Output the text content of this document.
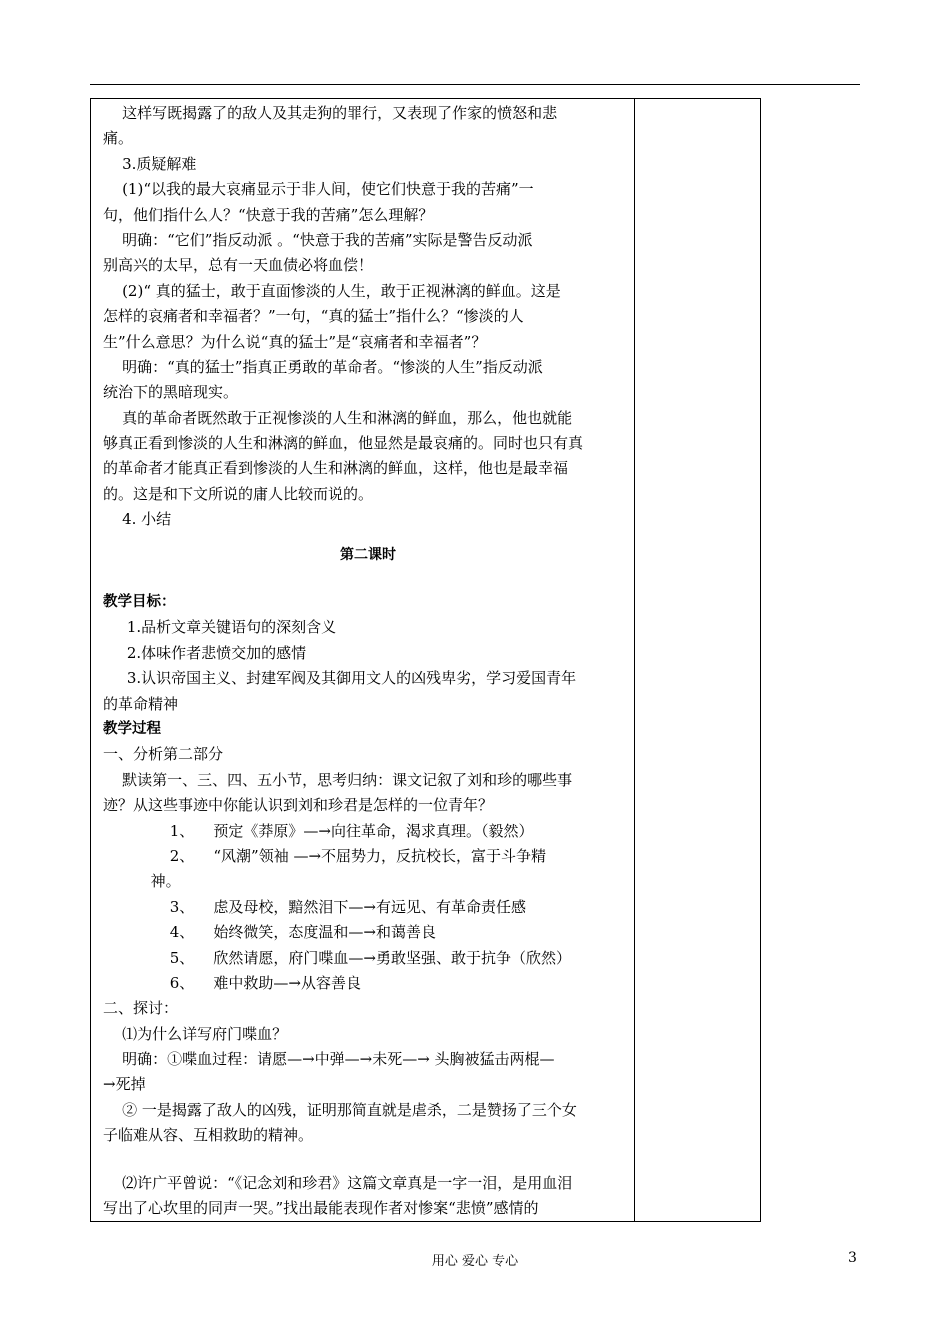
这样写既揭露了的敌人及其走狗的罪行，又表现了作家的愤怒和悲
痛。
3.质疑解难
(1)“以我的最大哀痛显示于非人间，使它们快意于我的苦痛”一
句，他们指什么人？“快意于我的苦痛”怎么理解？
明确：“它们”指反动派 。“快意于我的苦痛”实际是警告反动派
别高兴的太早，总有一天血债必将血偿！
(2)“ 真的猛士，敢于直面惨淡的人生，敢于正视淋漓的鲜血。这是
怎样的哀痛者和幸福者？”一句，“真的猛士”指什么？“惨淡的人
生”什么意思？为什么说“真的猛士”是“哀痛者和幸福者”？
明确：“真的猛士”指真正勇敢的革命者。“惨淡的人生”指反动派
统治下的黑暗现实。
真的革命者既然敢于正视惨淡的人生和淋漓的鲜血，那么，他也就能
够真正看到惨淡的人生和淋漓的鲜血，他显然是最哀痛的。同时也只有真
的革命者才能真正看到惨淡的人生和淋漓的鲜血，这样，他也是最幸福
的。这是和下文所说的庸人比较而说的。
4. 小结
第二课时
教学目标：
1.品析文章关键语句的深刻含义
2.体味作者悲愤交加的感情
3.认识帝国主义、封建军阀及其御用文人的凶残卑劣，学习爱国青年
的革命精神
教学过程
一、分析第二部分
默读第一、三、四、五小节，思考归纳：课文记叙了刘和珍的哪些事
迹？从这些事迹中你能认识到刘和珍君是怎样的一位青年？
1、    预定《莽原》—→向往革命，渴求真理。（毅然）
2、    “风潮”领袖 —→不屈势力，反抗校长，富于斗争精
神。
3、    虑及母校，黯然泪下—→有远见、有革命责任感
4、    始终微笑，态度温和—→和蔼善良
5、    欣然请愿，府门喋血—→勇敢坚强、敢于抗争（欣然）
6、    难中救助—→从容善良
二、探讨：
⑴为什么详写府门喋血？
明确：①喋血过程：请愿—→中弹—→未死—→ 头胸被猛击两棍—
→死掉
② 一是揭露了敌人的凶残，证明那简直就是虐杀，二是赞扬了三个女
子临难从容、互相救助的精神。
⑵许广平曾说：“《记念刘和珍君》这篇文章真是一字一泪，是用血泪
写出了心坎里的同声一哭。”找出最能表现作者对惨案“悲愤”感情的
用心 爱心 专心	3
